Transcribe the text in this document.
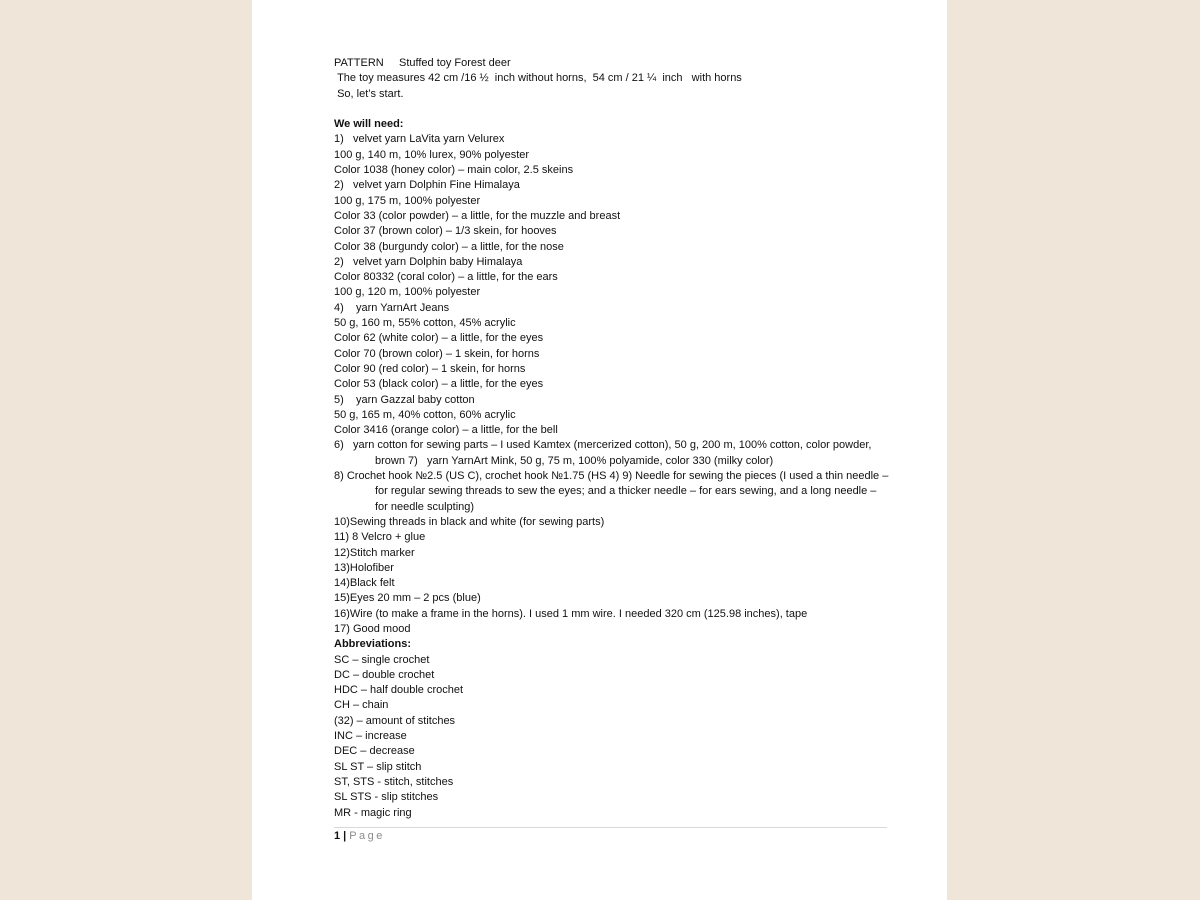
PATTERN     Stuffed toy Forest deer

The toy measures 42 cm /16 ½  inch without horns,  54 cm / 21 ¼  inch   with horns

So, let’s start.

We will need:

1)   velvet yarn LaVita yarn Velurex

100 g, 140 m, 10% lurex, 90% polyester

Color 1038 (honey color) – main color, 2.5 skeins

2)   velvet yarn Dolphin Fine Himalaya

100 g, 175 m, 100% polyester

Color 33 (color powder) – a little, for the muzzle and breast

Color 37 (brown color) – 1/3 skein, for hooves

Color 38 (burgundy color) – a little, for the nose

2)   velvet yarn Dolphin baby Himalaya

Color 80332 (coral color) – a little, for the ears

100 g, 120 m, 100% polyester

4)    yarn YarnArt Jeans

50 g, 160 m, 55% cotton, 45% acrylic

Color 62 (white color) – a little, for the eyes

Color 70 (brown color) – 1 skein, for horns

Color 90 (red color) – 1 skein, for horns

Color 53 (black color) – a little, for the eyes

5)    yarn Gazzal baby cotton

50 g, 165 m, 40% cotton, 60% acrylic

Color 3416 (orange color) – a little, for the bell

6)   yarn cotton for sewing parts – I used Kamtex (mercerized cotton), 50 g, 200 m, 100% cotton, color powder, brown 7)   yarn YarnArt Mink, 50 g, 75 m, 100% polyamide, color 330 (milky color)

8) Crochet hook №2.5 (US C), crochet hook №1.75 (HS 4) 9) Needle for sewing the pieces (I used a thin needle – for regular sewing threads to sew the eyes; and a thicker needle – for ears sewing, and a long needle – for needle sculpting)

10)Sewing threads in black and white (for sewing parts)

11) 8 Velcro + glue

12)Stitch marker

13)Holofiber

14)Black felt

15)Eyes 20 mm – 2 pcs (blue)

16)Wire (to make a frame in the horns). I used 1 mm wire. I needed 320 cm (125.98 inches), tape

17) Good mood

Abbreviations:

SC – single crochet

DC – double crochet

HDC – half double crochet

CH – chain

(32) – amount of stitches

INC – increase

DEC – decrease

SL ST – slip stitch

ST, STS - stitch, stitches

SL STS - slip stitches

MR - magic ring

1 | Page
